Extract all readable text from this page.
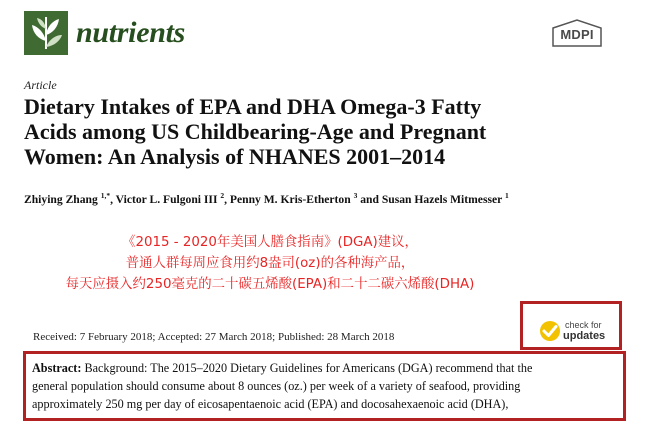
nutrients	MDPI
Article
Dietary Intakes of EPA and DHA Omega-3 Fatty
Acids among US Childbearing-Age and Pregnant
Women: An Analysis of NHANES 2001–2014
Zhiying Zhang $^{1,*}$, Victor L. Fulgoni III $^2$, Penny M. Kris-Etherton $^3$ and Susan Hazels Mitmesser $^1$
《2015 - 2020年美国人膳食指南》(DGA)建议，
普通人群每周应食用约8盎司(oz)的各种海产品，
每天应摄入约250毫克的二十碳五烯酸(EPA)和二十二碳六烯酸(DHA)
Received: 7 February 2018; Accepted: 27 March 2018; Published: 28 March 2018
check for
updates
Abstract: Background: The 2015–2020 Dietary Guidelines for Americans (DGA) recommend that the
general population should consume about 8 ounces (oz.) per week of a variety of seafood, providing
approximately 250 mg per day of eicosapentaenoic acid (EPA) and docosahexaenoic acid (DHA),
